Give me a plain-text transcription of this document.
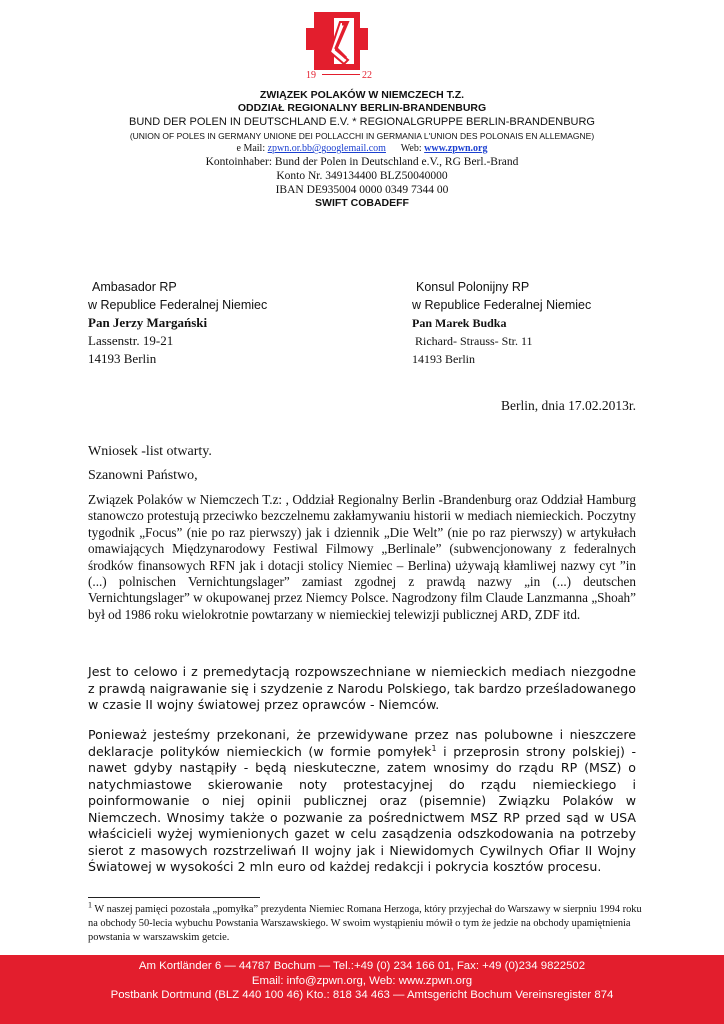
19	22
ZWIĄZEK POLAKÓW W NIEMCZECH T.Z.
ODDZIAŁ REGIONALNY BERLIN-BRANDENBURG
BUND DER POLEN IN DEUTSCHLAND E.V. * REGIONALGRUPPE BERLIN-BRANDENBURG
(UNION OF POLES IN GERMANY UNIONE DEI POLLACCHI IN GERMANIA L'UNION DES POLONAIS EN ALLEMAGNE)
e Mail: zpwn.or.bb@googlemail.com Web: www.zpwn.org
Kontoinhaber: Bund der Polen in Deutschland e.V., RG Berl.-Brand
Konto Nr. 349134400 BLZ50040000
IBAN DE935004 0000 0349 7344 00
SWIFT COBADEFF
Ambasador RP
w Republice Federalnej Niemiec
Pan Jerzy Margański
Lassenstr. 19-21
14193 Berlin
Konsul Polonijny RP
w Republice Federalnej Niemiec
Pan Marek Budka
Richard- Strauss- Str. 11
14193 Berlin
Berlin, dnia 17.02.2013r.
Wniosek -list otwarty.
Szanowni Państwo,

Związek Polaków w Niemczech T.z: , Oddział Regionalny Berlin -Brandenburg oraz Oddział Hamburg stanowczo protestują przeciwko bezczelnemu zakłamywaniu historii w mediach niemieckich. Poczytny tygodnik „Focus” (nie po raz pierwszy) jak i dziennik „Die Welt” (nie po raz pierwszy) w artykułach omawiających Międzynarodowy Festiwal Filmowy „Berlinale” (subwencjonowany z federalnych środków finansowych RFN jak i dotacji stolicy Niemiec – Berlina) używają kłamliwej nazwy cyt ”in (...) polnischen Vernichtungslager” zamiast zgodnej z prawdą nazwy „in (...) deutschen Vernichtungslager” w okupowanej przez Niemcy Polsce. Nagrodzony film Claude Lanzmanna „Shoah” był od 1986 roku wielokrotnie powtarzany w niemieckiej telewizji publicznej ARD, ZDF itd.

Jest to celowo i z premedytacją rozpowszechniane w niemieckich mediach niezgodne z prawdą naigrawanie się i szydzenie z Narodu Polskiego, tak bardzo prześladowanego w czasie II wojny światowej przez oprawców - Niemców.

Ponieważ jesteśmy przekonani, że przewidywane przez nas polubowne i nieszczere deklaracje polityków niemieckich (w formie pomyłek$^1$ i przeprosin strony polskiej) - nawet gdyby nastąpiły - będą nieskuteczne, zatem wnosimy do rządu RP (MSZ) o natychmiastowe skierowanie noty protestacyjnej do rządu niemieckiego i poinformowanie o niej opinii publicznej oraz (pisemnie) Związku Polaków w Niemczech. Wnosimy także o pozwanie za pośrednictwem MSZ RP przed sąd w USA właścicieli wyżej wymienionych gazet w celu zasądzenia odszkodowania na potrzeby sierot z masowych rozstrzeliwań II wojny jak i Niewidomych Cywilnych Ofiar II Wojny Światowej w wysokości 2 mln euro od każdej redakcji i pokrycia kosztów procesu.

$^1$ W naszej pamięci pozostała „pomyłka” prezydenta Niemiec Romana Herzoga, który przyjechał do Warszawy w sierpniu 1994 roku na obchody 50-lecia wybuchu Powstania Warszawskiego. W swoim wystąpieniu mówił o tym że jedzie na obchody upamiętnienia powstania w warszawskim getcie.
Am Kortländer 6 — 44787 Bochum — Tel.:+49 (0) 234 166 01, Fax: +49 (0)234 9822502
Email: info@zpwn.org, Web: www.zpwn.org
Postbank Dortmund (BLZ 440 100 46) Kto.: 818 34 463 — Amtsgericht Bochum Vereinsregister 874
